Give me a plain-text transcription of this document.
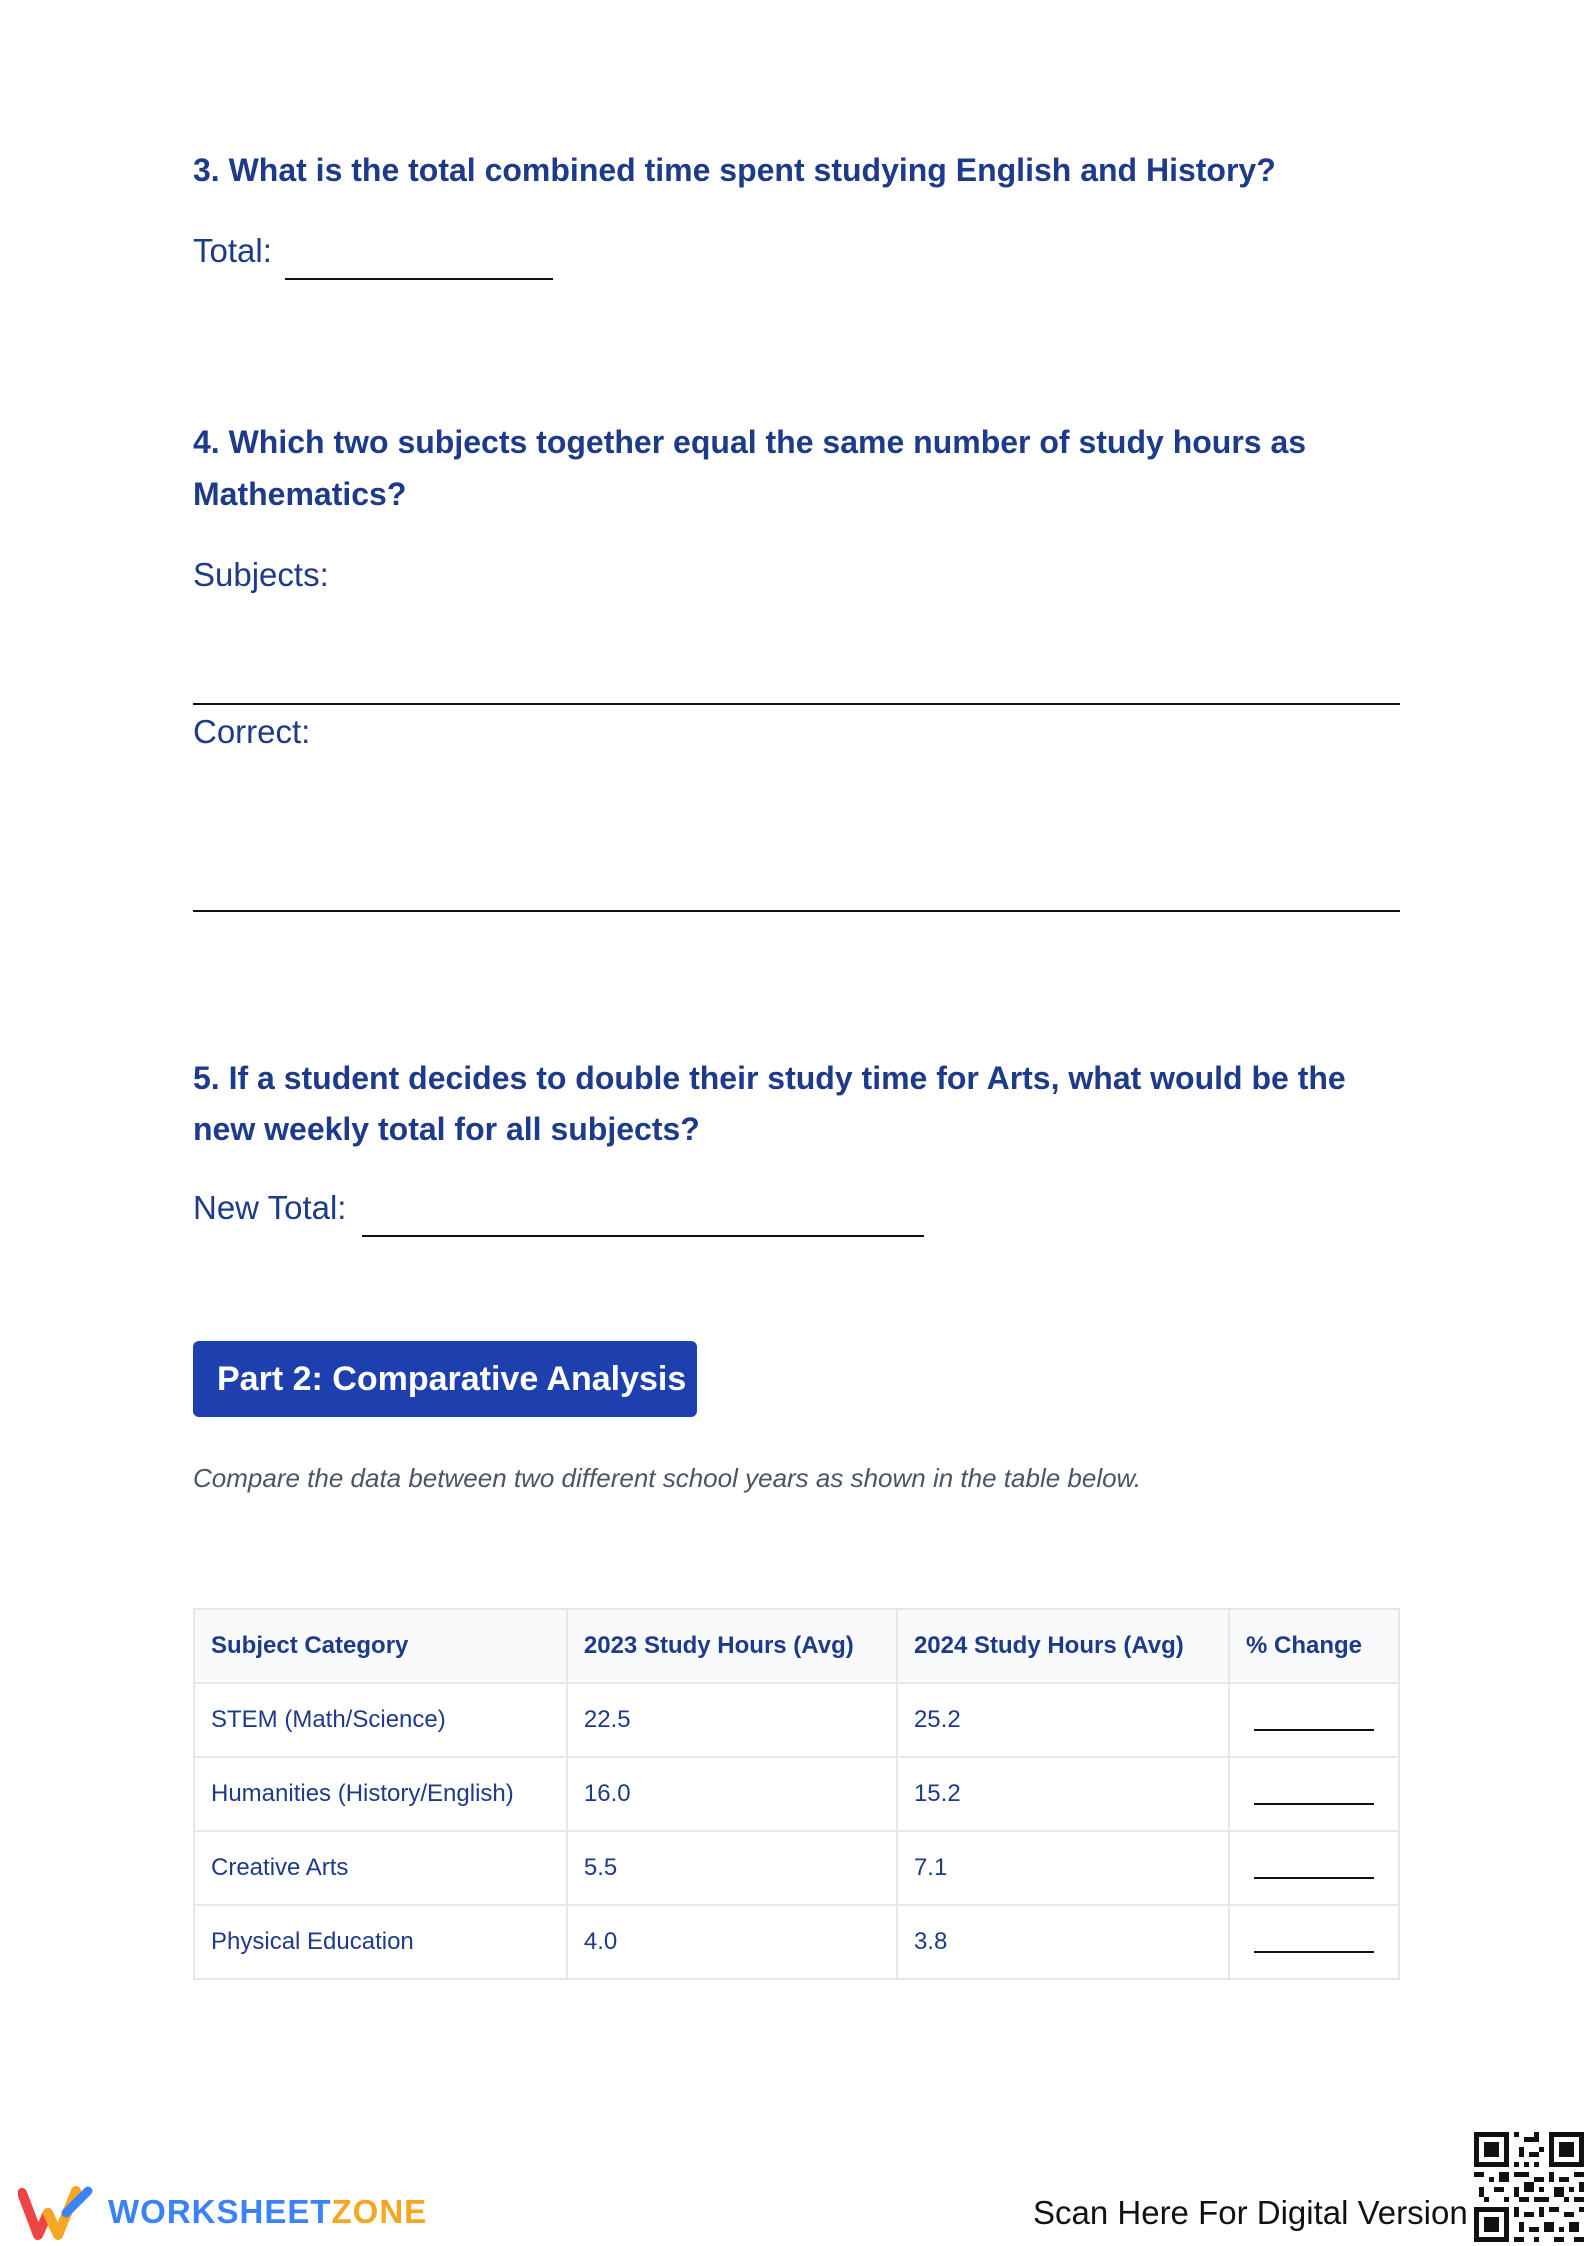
3. What is the total combined time spent studying English and History?
Total:
4. Which two subjects together equal the same number of study hours as
Mathematics?
Subjects:
Correct:
5. If a student decides to double their study time for Arts, what would be the
new weekly total for all subjects?
New Total:
Part 2: Comparative Analysis
Compare the data between two different school years as shown in the table below.
Subject Category	2023 Study Hours (Avg)	2024 Study Hours (Avg)	% Change
STEM (Math/Science)	22.5	25.2	

Humanities (History/English)	16.0	15.2	

Creative Arts	5.5	7.1	

Physical Education	4.0	3.8	
WORKSHEETZONE	Scan Here For Digital Version
